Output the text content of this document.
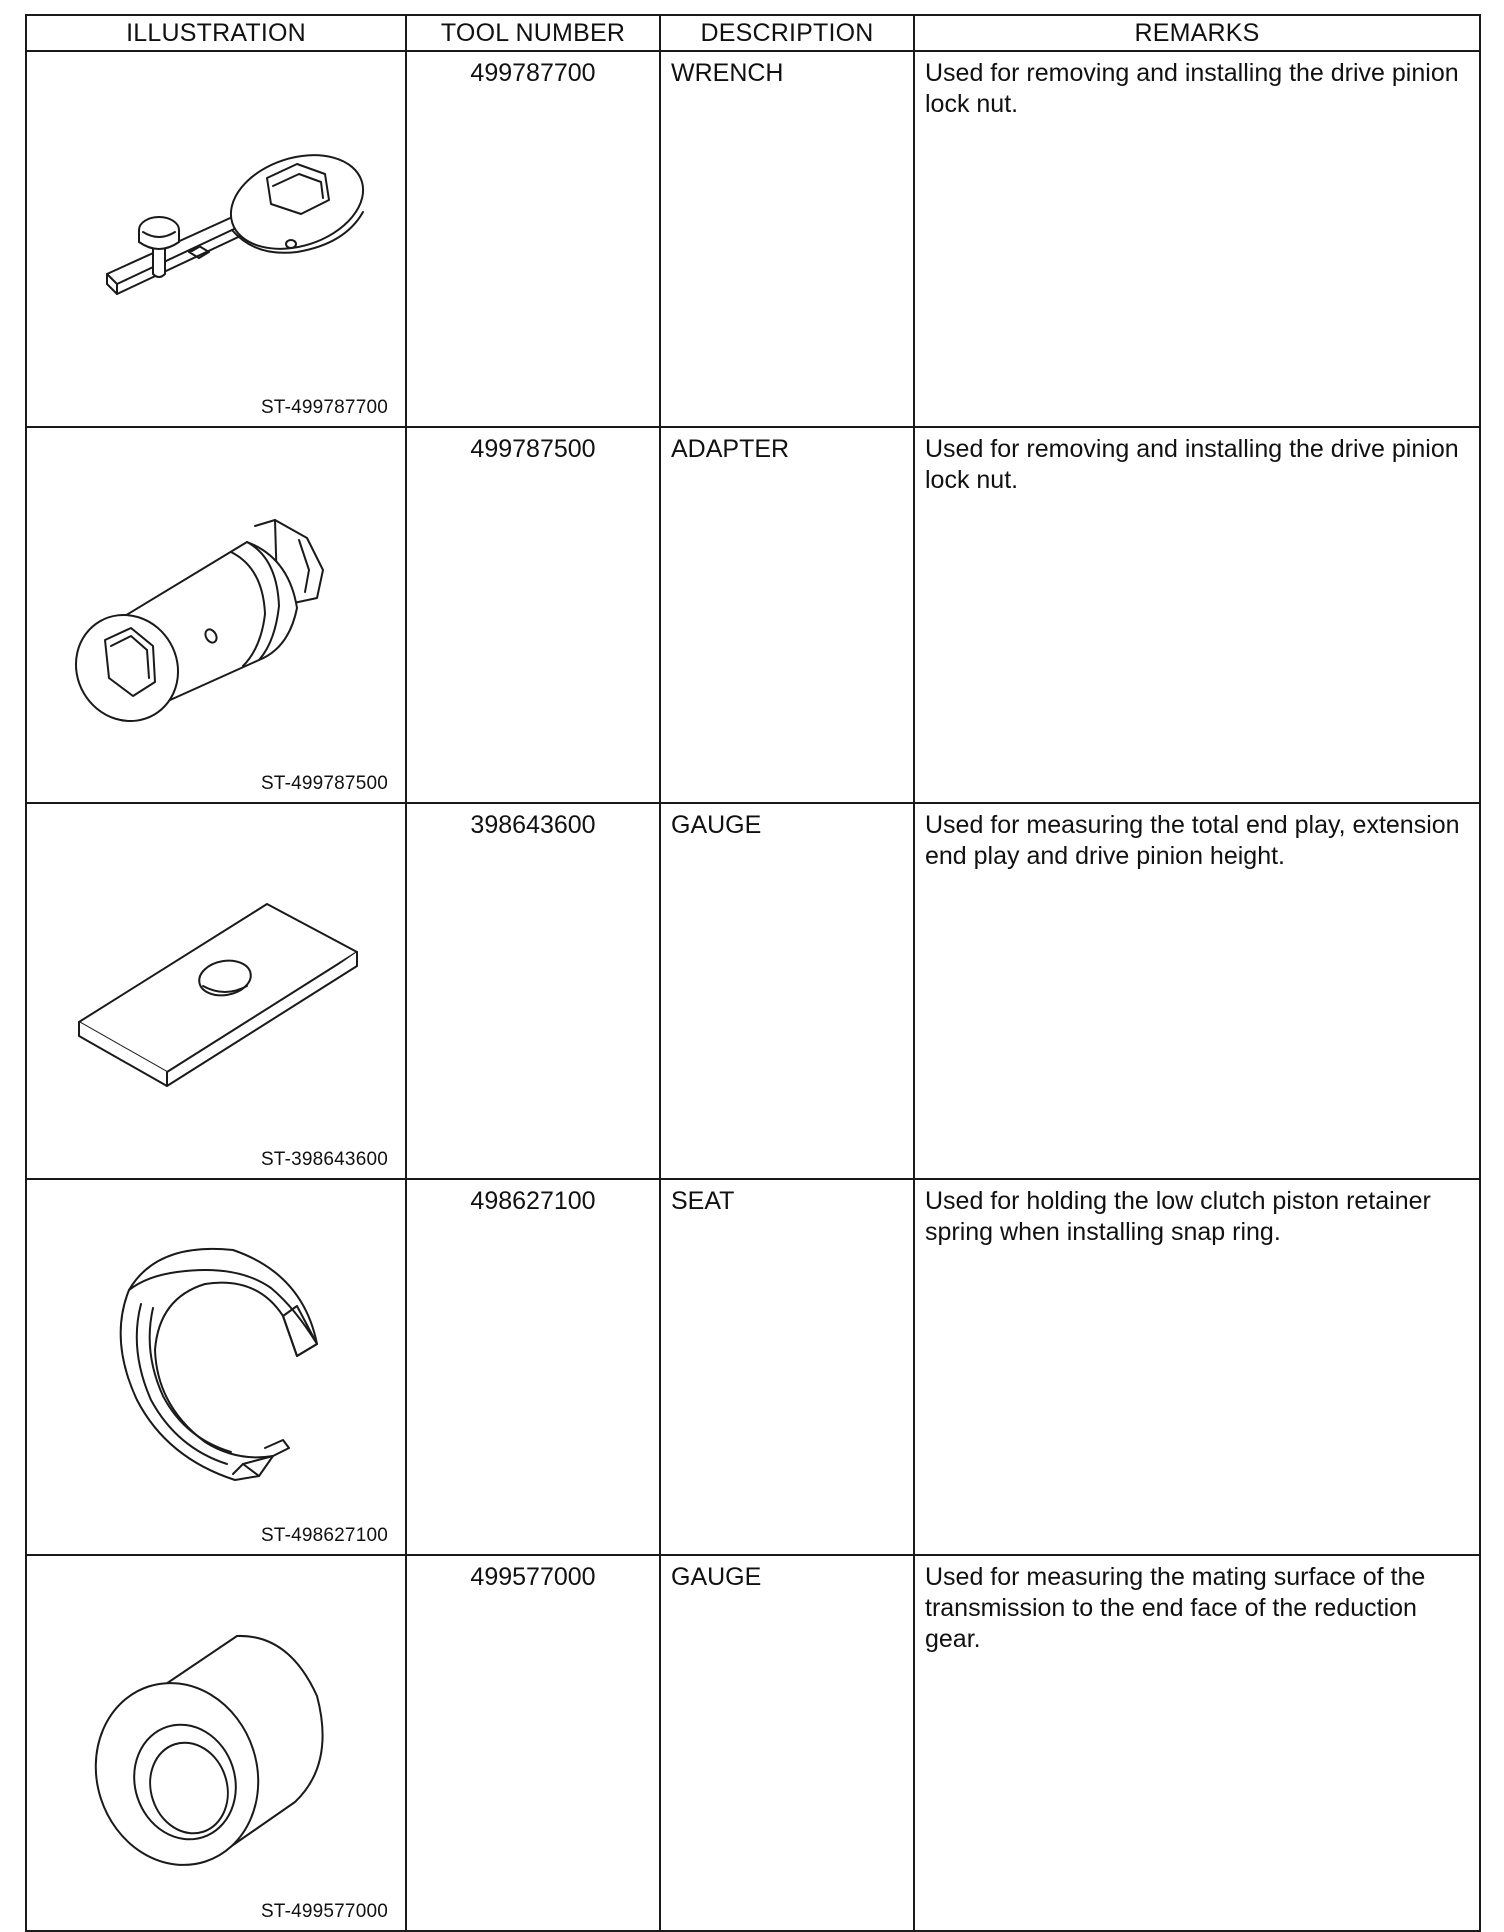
ILLUSTRATION	TOOL NUMBER	DESCRIPTION	REMARKS

ST-499787700	499787700	WRENCH	Used for removing and installing the drive pinion lock nut.

ST-499787500	499787500	ADAPTER	Used for removing and installing the drive pinion lock nut.

ST-398643600	398643600	GAUGE	Used for measuring the total end play, extension end play and drive pinion height.

ST-498627100	498627100	SEAT	Used for holding the low clutch piston retainer spring when installing snap ring.

ST-499577000	499577000	GAUGE	Used for measuring the mating surface of the transmission to the end face of the reduction gear.
